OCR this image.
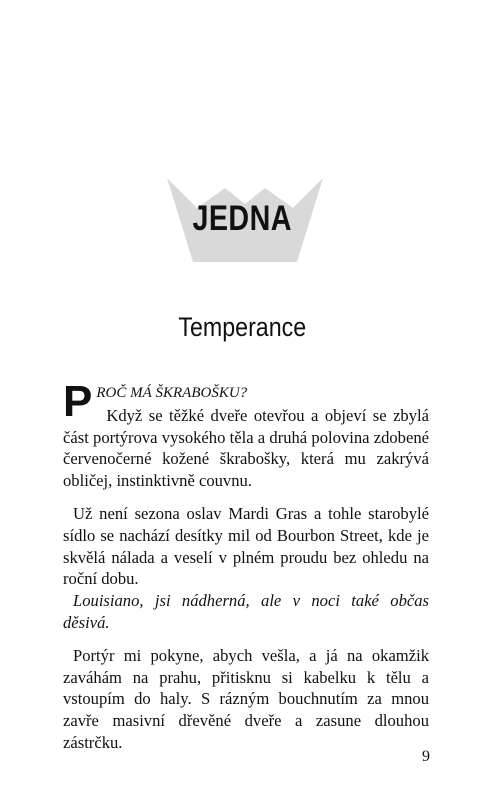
JEDNA
Temperance

PROČ MÁ ŠKRABOŠKU?

Když se těžké dveře otevřou a objeví se zbylá část portýrova vysokého těla a druhá polovina zdobené červenočerné kožené škrabošky, která mu zakrývá obličej, instinktivně couvnu.

Už není sezona oslav Mardi Gras a tohle starobylé sídlo se nachází desítky mil od Bourbon Street, kde je skvělá nálada a veselí v plném proudu bez ohledu na roční dobu.

Louisiano, jsi nádherná, ale v noci také občas děsivá.

Portýr mi pokyne, abych vešla, a já na okamžik zaváhám na prahu, přitisknu si kabelku k tělu a vstoupím do haly. S rázným bouchnutím za mnou zavře masivní dřevěné dveře a zasune dlouhou zástrčku.

9
